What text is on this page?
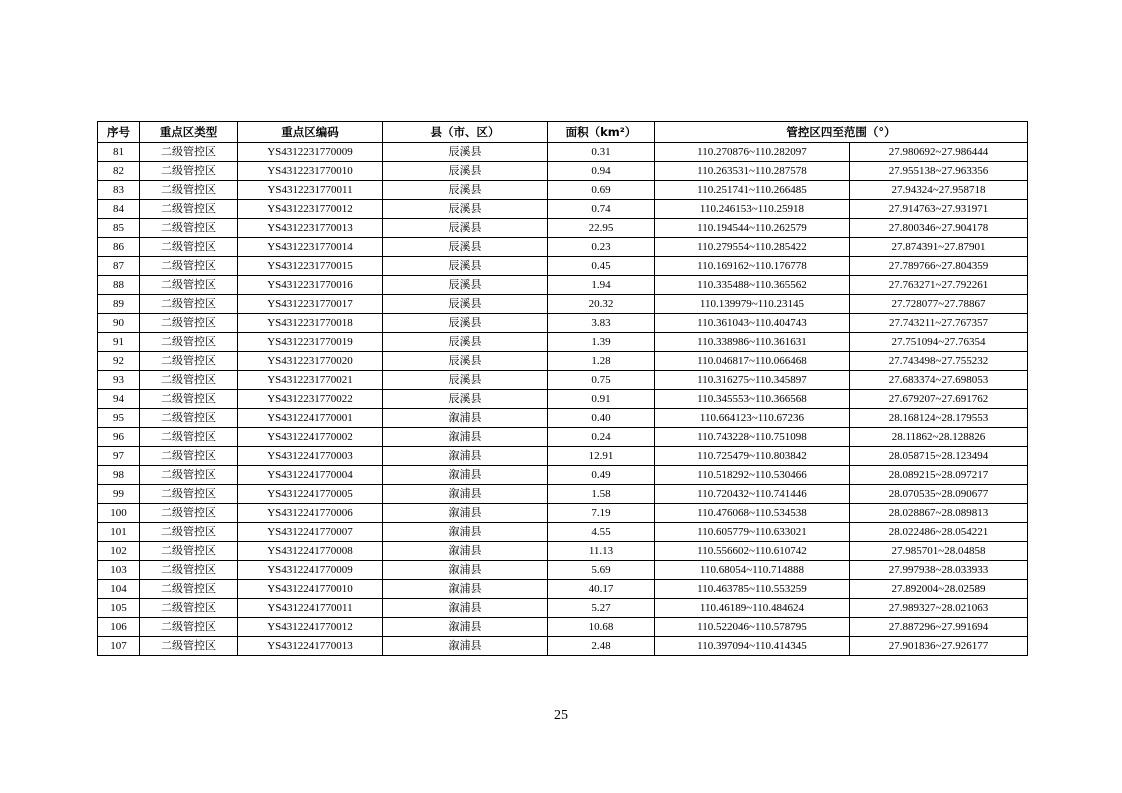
序号	重点区类型	重点区编码	县（市、区）	面积（km²）	管控区四至范围（°）	
81	二级管控区	YS4312231770009	辰溪县	0.31	110.270876~110.282097	27.980692~27.986444
82	二级管控区	YS4312231770010	辰溪县	0.94	110.263531~110.287578	27.955138~27.963356
83	二级管控区	YS4312231770011	辰溪县	0.69	110.251741~110.266485	27.94324~27.958718
84	二级管控区	YS4312231770012	辰溪县	0.74	110.246153~110.25918	27.914763~27.931971
85	二级管控区	YS4312231770013	辰溪县	22.95	110.194544~110.262579	27.800346~27.904178
86	二级管控区	YS4312231770014	辰溪县	0.23	110.279554~110.285422	27.874391~27.87901
87	二级管控区	YS4312231770015	辰溪县	0.45	110.169162~110.176778	27.789766~27.804359
88	二级管控区	YS4312231770016	辰溪县	1.94	110.335488~110.365562	27.763271~27.792261
89	二级管控区	YS4312231770017	辰溪县	20.32	110.139979~110.23145	27.728077~27.78867
90	二级管控区	YS4312231770018	辰溪县	3.83	110.361043~110.404743	27.743211~27.767357
91	二级管控区	YS4312231770019	辰溪县	1.39	110.338986~110.361631	27.751094~27.76354
92	二级管控区	YS4312231770020	辰溪县	1.28	110.046817~110.066468	27.743498~27.755232
93	二级管控区	YS4312231770021	辰溪县	0.75	110.316275~110.345897	27.683374~27.698053
94	二级管控区	YS4312231770022	辰溪县	0.91	110.345553~110.366568	27.679207~27.691762
95	二级管控区	YS4312241770001	溆浦县	0.40	110.664123~110.67236	28.168124~28.179553
96	二级管控区	YS4312241770002	溆浦县	0.24	110.743228~110.751098	28.11862~28.128826
97	二级管控区	YS4312241770003	溆浦县	12.91	110.725479~110.803842	28.058715~28.123494
98	二级管控区	YS4312241770004	溆浦县	0.49	110.518292~110.530466	28.089215~28.097217
99	二级管控区	YS4312241770005	溆浦县	1.58	110.720432~110.741446	28.070535~28.090677
100	二级管控区	YS4312241770006	溆浦县	7.19	110.476068~110.534538	28.028867~28.089813
101	二级管控区	YS4312241770007	溆浦县	4.55	110.605779~110.633021	28.022486~28.054221
102	二级管控区	YS4312241770008	溆浦县	11.13	110.556602~110.610742	27.985701~28.04858
103	二级管控区	YS4312241770009	溆浦县	5.69	110.68054~110.714888	27.997938~28.033933
104	二级管控区	YS4312241770010	溆浦县	40.17	110.463785~110.553259	27.892004~28.02589
105	二级管控区	YS4312241770011	溆浦县	5.27	110.46189~110.484624	27.989327~28.021063
106	二级管控区	YS4312241770012	溆浦县	10.68	110.522046~110.578795	27.887296~27.991694
107	二级管控区	YS4312241770013	溆浦县	2.48	110.397094~110.414345	27.901836~27.926177
25
